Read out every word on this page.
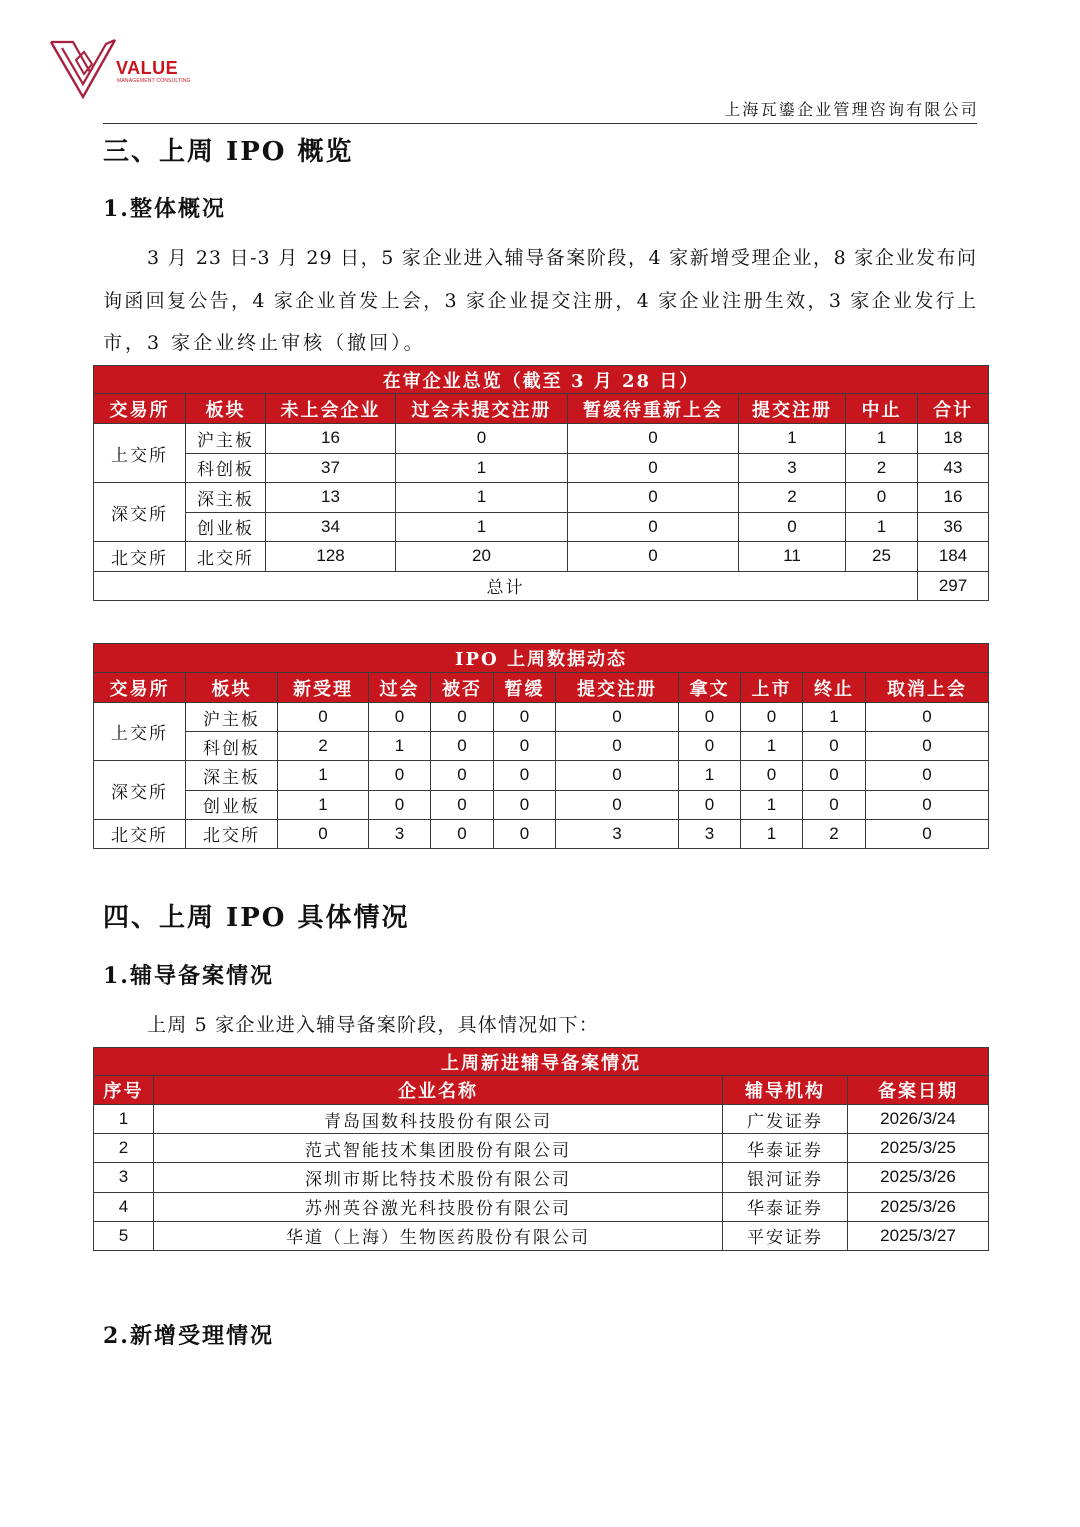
VALUE
MANAGEMENT CONSULTING
上海瓦鎏企业管理咨询有限公司
三、上周 IPO 概览
1.整体概况
3 月 23 日-3 月 29 日，5 家企业进入辅导备案阶段，4 家新增受理企业，8 家企业发布问
询函回复公告，4 家企业首发上会，3 家企业提交注册，4 家企业注册生效，3 家企业发行上
市，3 家企业终止审核（撤回）。
在审企业总览（截至 3 月 28 日）							
交易所	板块	未上会企业	过会未提交注册	暂缓待重新上会	提交注册	中止	合计
上交所	沪主板	16	0	0	1	1	18
	科创板	37	1	0	3	2	43
深交所	深主板	13	1	0	2	0	16
	创业板	34	1	0	0	1	36
北交所	北交所	128	20	0	11	25	184
总计							297
IPO 上周数据动态										
交易所	板块	新受理	过会	被否	暂缓	提交注册	拿文	上市	终止	取消上会
上交所	沪主板	0	0	0	0	0	0	0	1	0
	科创板	2	1	0	0	0	0	1	0	0
深交所	深主板	1	0	0	0	0	1	0	0	0
	创业板	1	0	0	0	0	0	1	0	0
北交所	北交所	0	3	0	0	3	3	1	2	0
四、上周 IPO 具体情况
1.辅导备案情况
上周 5 家企业进入辅导备案阶段，具体情况如下：
上周新进辅导备案情况			
序号	企业名称	辅导机构	备案日期
1	青岛国数科技股份有限公司	广发证券	2026/3/24
2	范式智能技术集团股份有限公司	华泰证券	2025/3/25
3	深圳市斯比特技术股份有限公司	银河证券	2025/3/26
4	苏州英谷激光科技股份有限公司	华泰证券	2025/3/26
5	华道（上海）生物医药股份有限公司	平安证券	2025/3/27
2.新增受理情况
